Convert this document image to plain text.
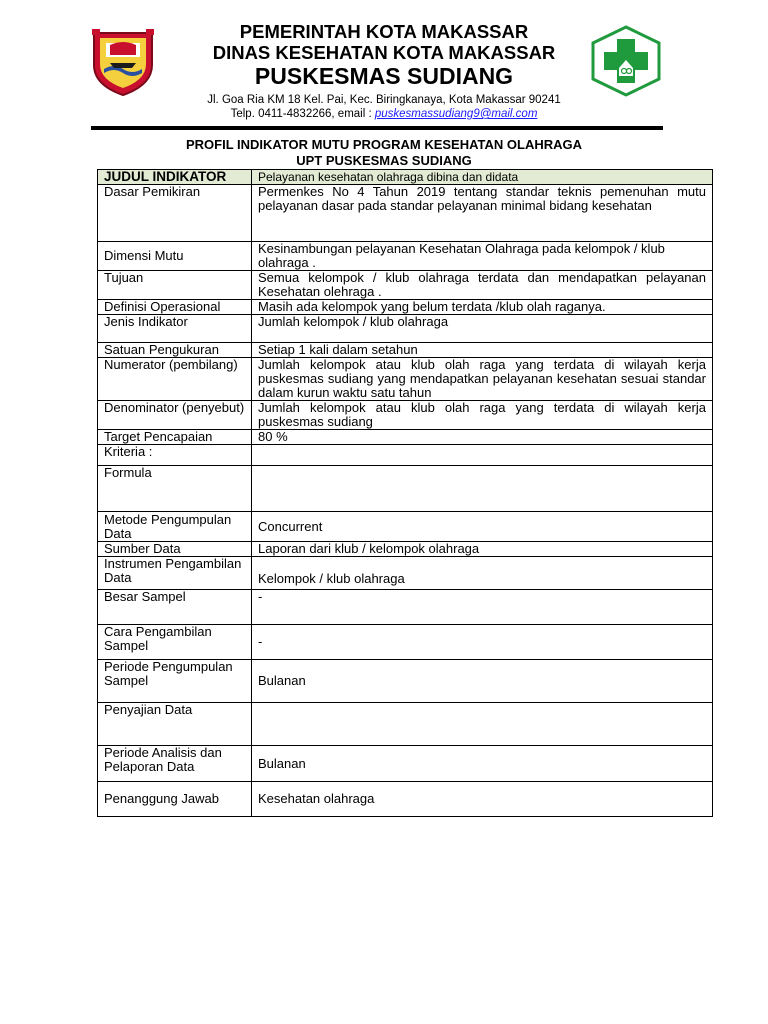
PEMERINTAH KOTA MAKASSAR
DINAS KESEHATAN KOTA MAKASSAR
PUSKESMAS SUDIANG
Jl. Goa Ria KM 18 Kel. Pai, Kec. Biringkanaya, Kota Makassar 90241
Telp. 0411-4832266, email : puskesmassudiang9@mail.com
PROFIL INDIKATOR MUTU PROGRAM KESEHATAN OLAHRAGA
UPT PUSKESMAS SUDIANG
JUDUL INDIKATOR	Pelayanan kesehatan olahraga dibina dan didata
Dasar Pemikiran	Permenkes No 4 Tahun 2019 tentang standar teknis pemenuhan mutu pelayanan dasar pada standar pelayanan minimal bidang kesehatan
Dimensi Mutu	Kesinambungan pelayanan Kesehatan Olahraga pada kelompok / klub olahraga .
Tujuan	Semua kelompok / klub olahraga terdata dan mendapatkan pelayanan Kesehatan olehraga .
Definisi Operasional	Masih ada kelompok yang belum terdata /klub olah raganya.
Jenis Indikator	Jumlah kelompok / klub olahraga
Satuan Pengukuran	Setiap 1 kali dalam setahun
Numerator (pembilang)	Jumlah kelompok atau klub olah raga yang terdata di wilayah kerja puskesmas sudiang yang mendapatkan pelayanan kesehatan sesuai standar dalam kurun waktu satu tahun
Denominator (penyebut)	Jumlah kelompok atau klub olah raga yang terdata di wilayah kerja puskesmas sudiang
Target Pencapaian	80 %
Kriteria :	
Formula	
Metode Pengumpulan Data	Concurrent
Sumber Data	Laporan dari klub / kelompok olahraga
Instrumen Pengambilan Data	Kelompok / klub olahraga
Besar Sampel	-
Cara Pengambilan Sampel	-
Periode Pengumpulan Sampel	Bulanan
Penyajian Data	
Periode Analisis dan Pelaporan Data	Bulanan
Penanggung Jawab	Kesehatan olahraga
